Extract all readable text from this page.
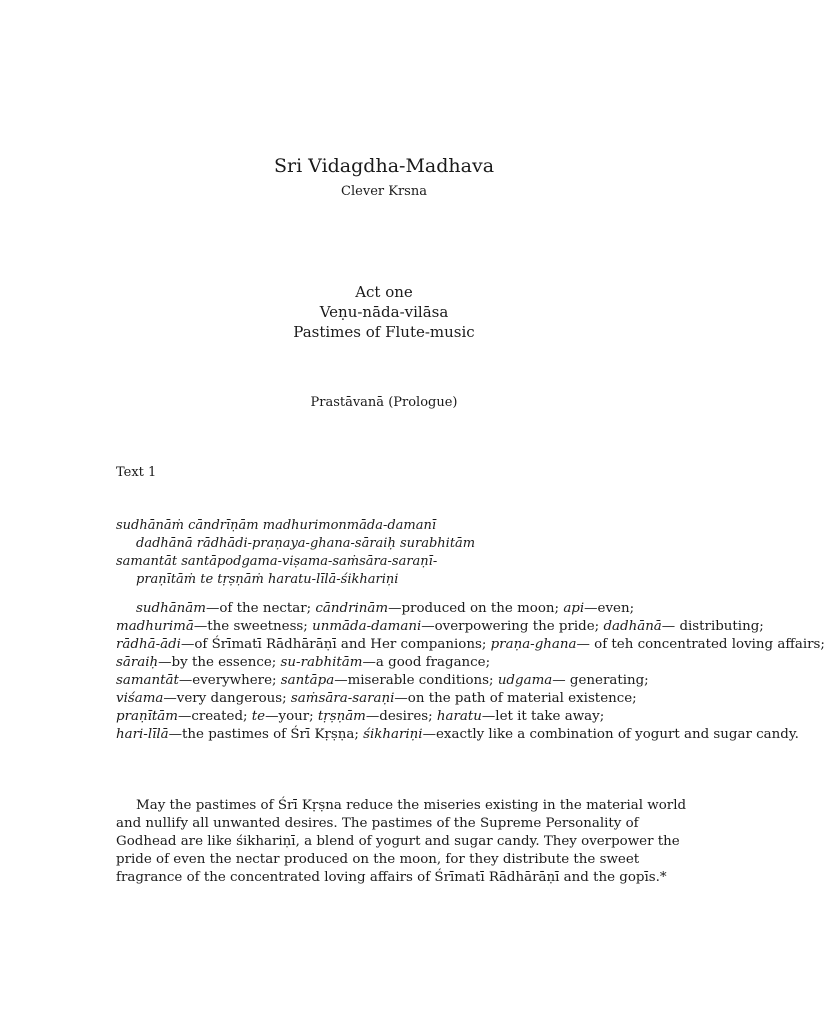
Sri Vidagdha-Madhava
Clever Krsna
Act one
Veṇu-nāda-vilāsa
Pastimes of Flute-music
Prastāvanā (Prologue)
Text 1
sudhānāṁ cāndrīṇām madhurimonmāda-damanī
dadhānā rādhādi-praṇaya-ghana-sāraiḥ surabhitām
samantāt santāpodgama-viṣama-saṁsāra-saraṇī-
praṇītāṁ te tṛṣṇāṁ haratu-līlā-śikhariṇi
sudhānām—of the nectar; cāndrinām—produced on the moon; api—even;
madhurimā—the sweetness; unmāda-damani—overpowering the pride; dadhānā— distributing;
rādhā-ādi—of Śrīmatī Rādhārāṇī and Her companions; praṇa-ghana— of teh concentrated loving affairs;
sāraiḥ—by the essence; su-rabhitām—a good fragance;
samantāt—everywhere; santāpa—miserable conditions; udgama— generating;
viśama—very dangerous; saṁsāra-saraṇi—on the path of material existence;
praṇītām—created; te—your; tṛṣṇām—desires; haratu—let it take away;
hari-līlā—the pastimes of Śrī Kṛṣṇa; śikhariṇi—exactly like a combination of yogurt and sugar candy.
May the pastimes of Śrī Kṛṣna reduce the miseries existing in the material world
and nullify all unwanted desires. The pastimes of the Supreme Personality of
Godhead are like śikhariṇī, a blend of yogurt and sugar candy. They overpower the
pride of even the nectar produced on the moon, for they distribute the sweet
fragrance of the concentrated loving affairs of Śrīmatī Rādhārāṇī and the gopīs.*
